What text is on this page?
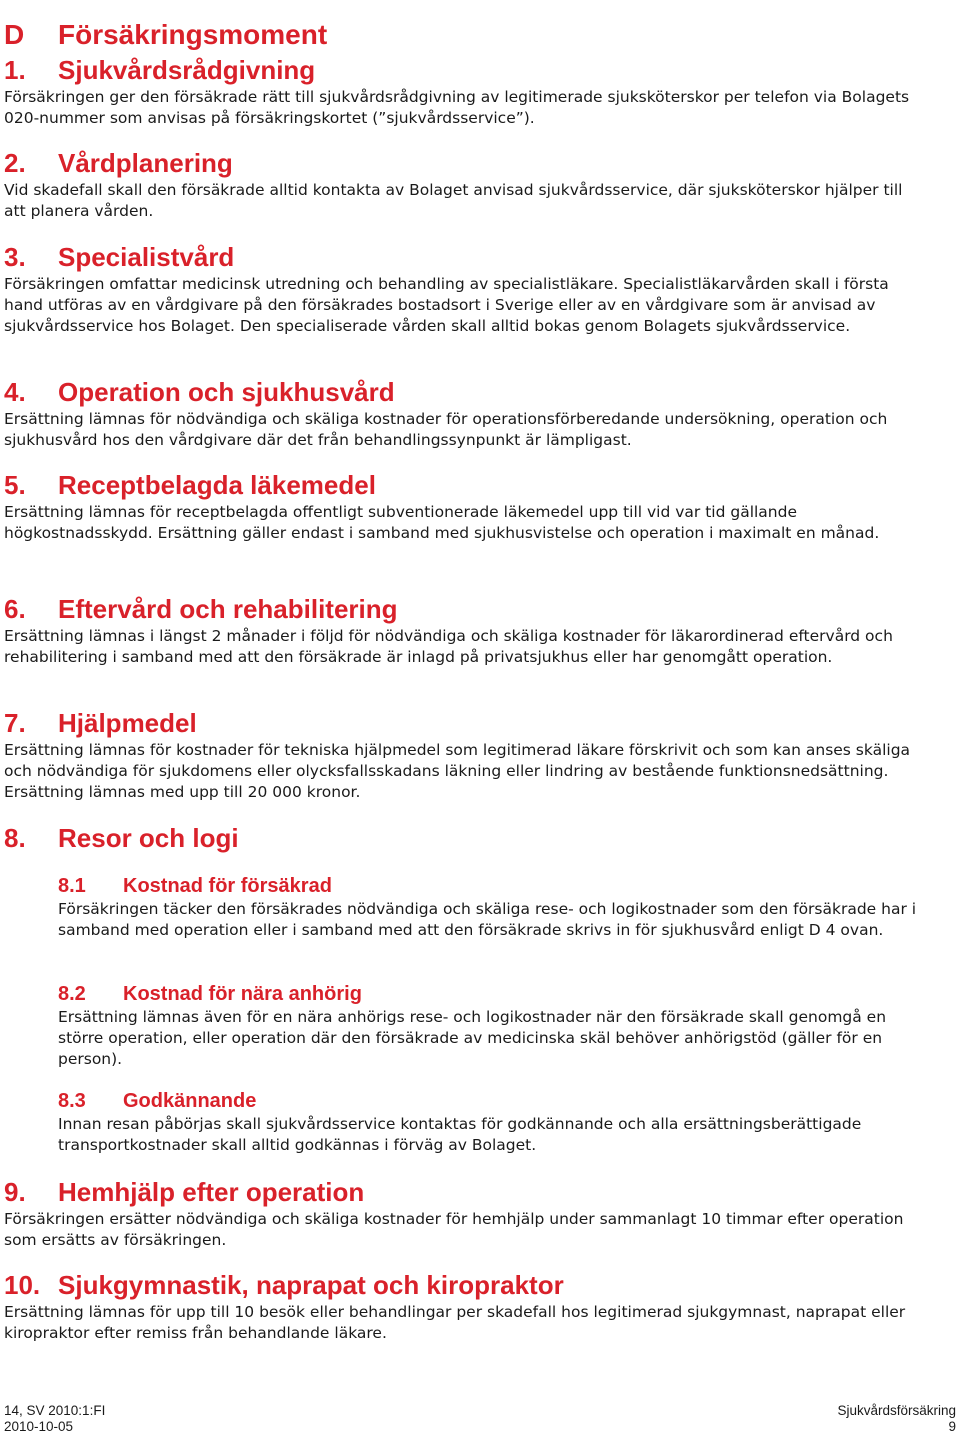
D Försäkringsmoment
1. Sjukvårdsrådgivning

Försäkringen ger den försäkrade rätt till sjukvårdsrådgivning av legitimerade sjuksköterskor per telefon via Bolagets 020-nummer som anvisas på försäkringskortet (”sjukvårdsservice”).

2. Vårdplanering

Vid skadefall skall den försäkrade alltid kontakta av Bolaget anvisad sjukvårdsservice, där sjuksköterskor hjälper till att planera vården.

3. Specialistvård

Försäkringen omfattar medicinsk utredning och behandling av specialistläkare. Specialistläkarvården skall i första hand utföras av en vårdgivare på den försäkrades bostadsort i Sverige eller av en vårdgivare som är anvisad av sjukvårdsservice hos Bolaget. Den specialiserade vården skall alltid bokas genom Bolagets sjukvårdsservice.

4. Operation och sjukhusvård

Ersättning lämnas för nödvändiga och skäliga kostnader för operationsförberedande undersökning, operation och sjukhusvård hos den vårdgivare där det från behandlingssynpunkt är lämpligast.

5. Receptbelagda läkemedel

Ersättning lämnas för receptbelagda offentligt subventionerade läkemedel upp till vid var tid gällande högkostnadsskydd. Ersättning gäller endast i samband med sjukhusvistelse och operation i maximalt en månad.

6. Eftervård och rehabilitering

Ersättning lämnas i längst 2 månader i följd för nödvändiga och skäliga kostnader för läkarordinerad eftervård och rehabilitering i samband med att den försäkrade är inlagd på privatsjukhus eller har genomgått operation.

7. Hjälpmedel

Ersättning lämnas för kostnader för tekniska hjälpmedel som legitimerad läkare förskrivit och som kan anses skäliga och nödvändiga för sjukdomens eller olycksfallsskadans läkning eller lindring av bestående funktionsnedsättning. Ersättning lämnas med upp till 20 000 kronor.

8. Resor och logi
8.1 Kostnad för försäkrad

Försäkringen täcker den försäkrades nödvändiga och skäliga rese- och logikostnader som den försäkrade har i samband med operation eller i samband med att den försäkrade skrivs in för sjukhusvård enligt D 4 ovan.

8.2 Kostnad för nära anhörig

Ersättning lämnas även för en nära anhörigs rese- och logikostnader när den försäkrade skall genomgå en större operation, eller operation där den försäkrade av medicinska skäl behöver anhörigstöd (gäller för en person).

8.3 Godkännande

Innan resan påbörjas skall sjukvårdsservice kontaktas för godkännande och alla ersättningsberättigade transportkostnader skall alltid godkännas i förväg av Bolaget.

9. Hemhjälp efter operation

Försäkringen ersätter nödvändiga och skäliga kostnader för hemhjälp under sammanlagt 10 timmar efter operation som ersätts av försäkringen.

10. Sjukgymnastik, naprapat och kiropraktor

Ersättning lämnas för upp till 10 besök eller behandlingar per skadefall hos legitimerad sjukgymnast, naprapat eller kiropraktor efter remiss från behandlande läkare.

14, SV 2010:1:FI
2010-10-05
Sjukvårdsförsäkring
9
